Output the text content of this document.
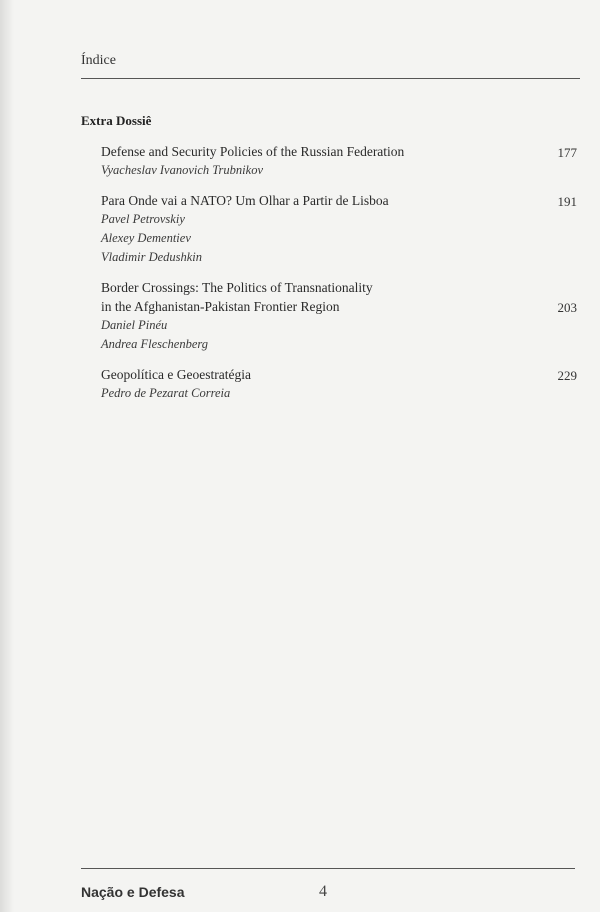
Índice
Extra Dossiê
Defense and Security Policies of the Russian Federation
Vyacheslav Ivanovich Trubnikov
177
Para Onde vai a NATO? Um Olhar a Partir de Lisboa
Pavel Petrovskiy
Alexey Dementiev
Vladimir Dedushkin
191
Border Crossings: The Politics of Transnationality
in the Afghanistan-Pakistan Frontier Region
Daniel Pinéu
Andrea Fleschenberg
203
Geopolítica e Geoestratégia
Pedro de Pezarat Correia
229
Nação e Defesa	4
